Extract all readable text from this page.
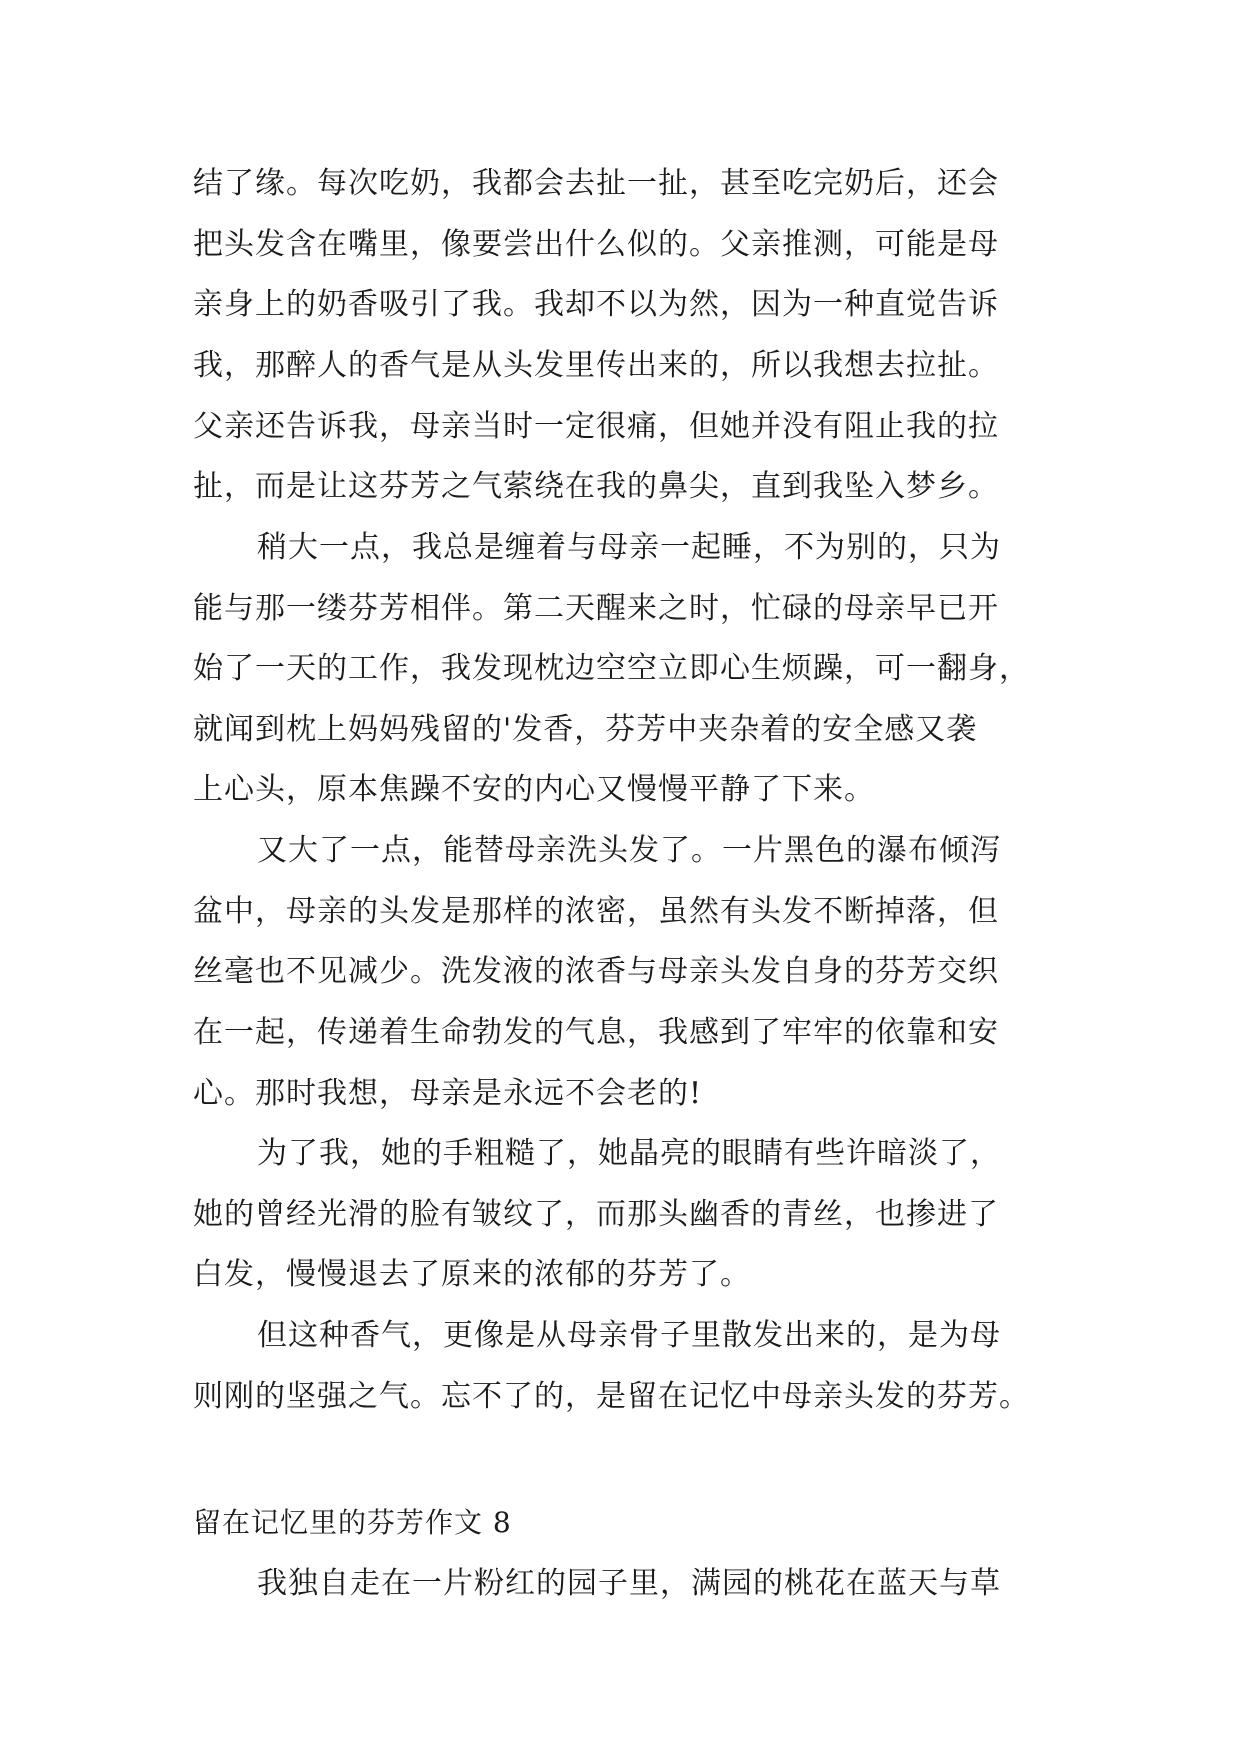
结了缘。每次吃奶，我都会去扯一扯，甚至吃完奶后，还会
把头发含在嘴里，像要尝出什么似的。父亲推测，可能是母
亲身上的奶香吸引了我。我却不以为然，因为一种直觉告诉
我，那醉人的香气是从头发里传出来的，所以我想去拉扯。
父亲还告诉我，母亲当时一定很痛，但她并没有阻止我的拉
扯，而是让这芬芳之气萦绕在我的鼻尖，直到我坠入梦乡。
稍大一点，我总是缠着与母亲一起睡，不为别的，只为
能与那一缕芬芳相伴。第二天醒来之时，忙碌的母亲早已开
始了一天的工作，我发现枕边空空立即心生烦躁，可一翻身，
就闻到枕上妈妈残留的'发香，芬芳中夹杂着的安全感又袭
上心头，原本焦躁不安的内心又慢慢平静了下来。
又大了一点，能替母亲洗头发了。一片黑色的瀑布倾泻
盆中，母亲的头发是那样的浓密，虽然有头发不断掉落，但
丝毫也不见减少。洗发液的浓香与母亲头发自身的芬芳交织
在一起，传递着生命勃发的气息，我感到了牢牢的依靠和安
心。那时我想，母亲是永远不会老的!
为了我，她的手粗糙了，她晶亮的眼睛有些许暗淡了，
她的曾经光滑的脸有皱纹了，而那头幽香的青丝，也掺进了
白发，慢慢退去了原来的浓郁的芬芳了。
但这种香气，更像是从母亲骨子里散发出来的，是为母
则刚的坚强之气。忘不了的，是留在记忆中母亲头发的芬芳。
留在记忆里的芬芳作文 8
我独自走在一片粉红的园子里，满园的桃花在蓝天与草
